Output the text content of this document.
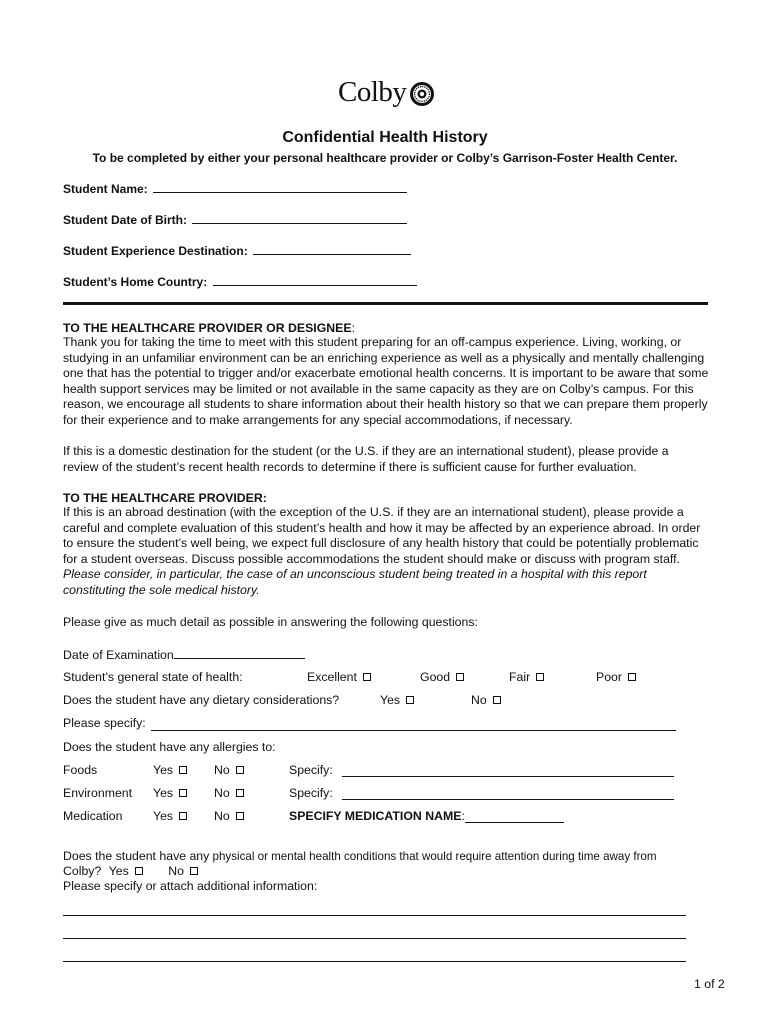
Colby
Confidential Health History
To be completed by either your personal healthcare provider or Colby’s Garrison-Foster Health Center.
Student Name:
Student Date of Birth:
Student Experience Destination:
Student’s Home Country:
TO THE HEALTHCARE PROVIDER OR DESIGNEE:
Thank you for taking the time to meet with this student preparing for an off-campus experience. Living, working, or studying in an unfamiliar environment can be an enriching experience as well as a physically and mentally challenging one that has the potential to trigger and/or exacerbate emotional health concerns. It is important to be aware that some health support services may be limited or not available in the same capacity as they are on Colby’s campus. For this reason, we encourage all students to share information about their health history so that we can prepare them properly for their experience and to make arrangements for any special accommodations, if necessary.
If this is a domestic destination for the student (or the U.S. if they are an international student), please provide a review of the student’s recent health records to determine if there is sufficient cause for further evaluation.
TO THE HEALTHCARE PROVIDER:
If this is an abroad destination (with the exception of the U.S. if they are an international student), please provide a careful and complete evaluation of this student’s health and how it may be affected by an experience abroad. In order to ensure the student’s well being, we expect full disclosure of any health history that could be potentially problematic for a student overseas. Discuss possible accommodations the student should make or discuss with program staff. Please consider, in particular, the case of an unconscious student being treated in a hospital with this report constituting the sole medical history.
Please give as much detail as possible in answering the following questions:
Date of Examination
Student’s general state of health:	Excellent	Good	Fair	Poor
Does the student have any dietary considerations?	Yes	No
Please specify:
Does the student have any allergies to:
Foods	Yes	No	Specify:
Environment Yes	No	Specify:
Medication Yes	No	SPECIFY MEDICATION NAME:
Does the student have any physical or mental health conditions that would require attention during time away from
Colby? Yes	No
Please specify or attach additional information:
1 of 2
